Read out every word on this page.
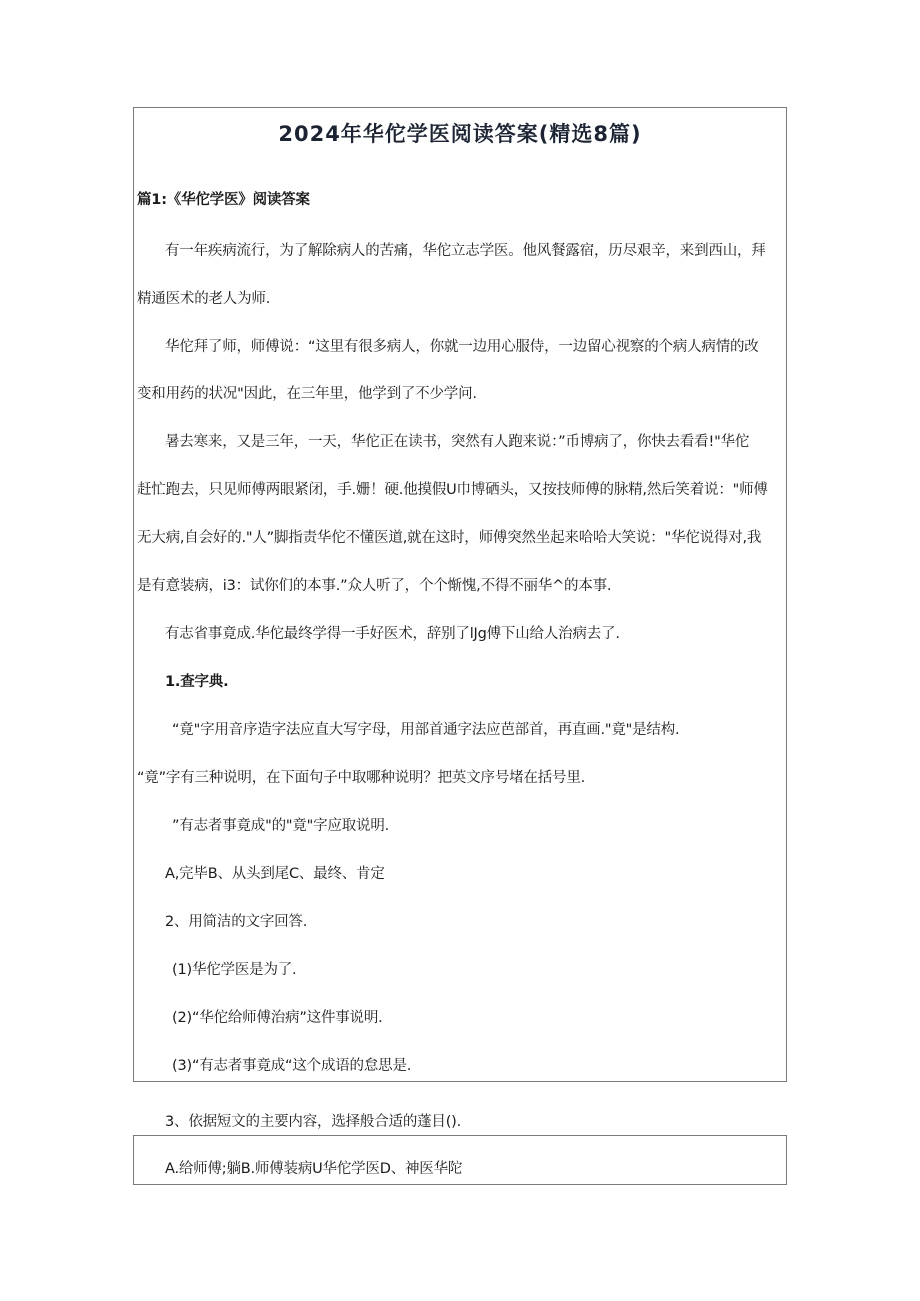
2024年华佗学医阅读答案(精选8篇)
篇1:《华佗学医》阅读答案
有一年疾病流行，为了解除病人的苦痛，华佗立志学医。他风餐露宿，历尽艰辛，来到西山，拜
精通医术的老人为师.
华佗拜了师，师傅说：“这里有很多病人，你就一边用心服侍，一边留心视察的个病人病情的改
变和用药的状况"因此，在三年里，他学到了不少学问.
暑去寒来，又是三年，一天，华佗正在读书，突然有人跑来说：”币博病了，你快去看看!"华佗
赶忙跑去，只见师傅两眼紧闭，手.姗！硬.他摸假U巾博硒头，又按技师傅的脉精,然后笑着说："师傅
无大病,自会好的."人”脚指责华佗不懂医道,就在这时，师傅突然坐起来哈哈大笑说："华佗说得对,我
是有意装病，i3：试你们的本事.”众人听了，个个惭愧,不得不丽华^的本事.
有志省事竟成.华佗最终学得一手好医术，辞别了lJg傅下山给人治病去了.
1.查字典.
“竟"字用音序造字法应直大写字母，用部首通字法应芭部首，再直画."竟"是结构.
“竟”字有三种说明，在下面句子中取哪种说明？把英文序号堵在括号里.
”有志者事竟成"的"竟"字应取说明.
A,完毕B、从头到尾C、最终、肯定
2、用简洁的文字回答.
(1)华佗学医是为了.
(2)“华佗给师傅治病”这件事说明.
(3)“有志者事竟成“这个成语的怠思是.
3、依据短文的主要内容，选择般合适的蓬目().
A.给师傅;躺B.师傅装病U华佗学医D、神医华陀
